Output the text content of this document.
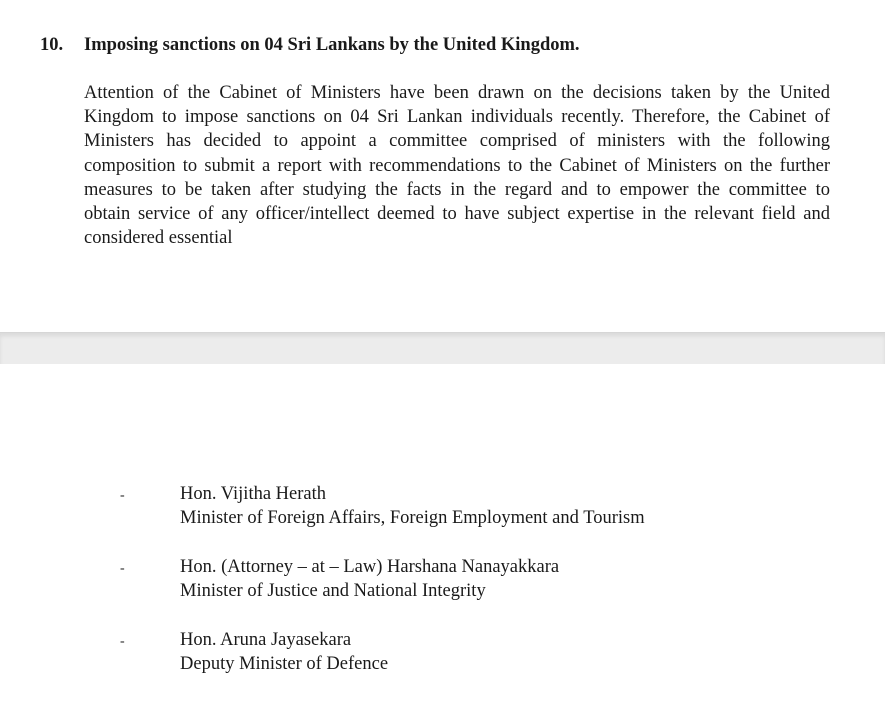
10. Imposing sanctions on 04 Sri Lankans by the United Kingdom.
Attention of the Cabinet of Ministers have been drawn on the decisions taken by the United
Kingdom to impose sanctions on 04 Sri Lankan individuals recently. Therefore, the Cabinet of
Ministers has decided to appoint a committee comprised of ministers with the following
composition to submit a report with recommendations to the Cabinet of Ministers on the further
measures to be taken after studying the facts in the regard and to empower the committee to
obtain service of any officer/intellect deemed to have subject expertise in the relevant field and
considered essential
-	Hon. Vijitha Herath
Minister of Foreign Affairs, Foreign Employment and Tourism
-	Hon. (Attorney – at – Law) Harshana Nanayakkara
Minister of Justice and National Integrity
-	Hon. Aruna Jayasekara
Deputy Minister of Defence
